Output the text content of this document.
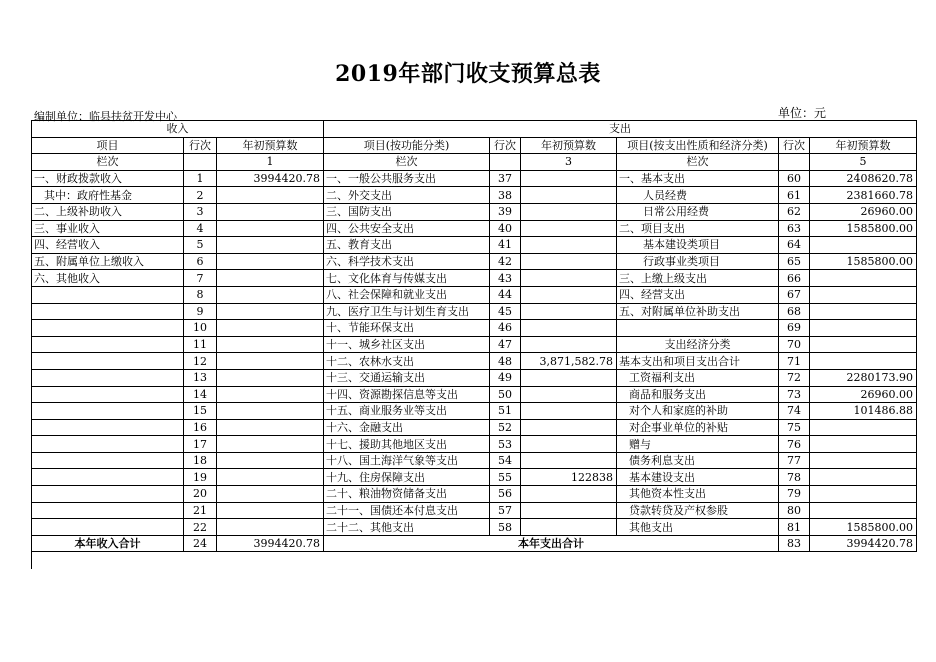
2019年部门收支预算总表
编制单位：临县扶贫开发中心	单位：元
收入			支出					
项目	行次	年初预算数	项目(按功能分类)	行次	年初预算数	项目(按支出性质和经济分类)	行次	年初预算数
栏次		1	栏次		3	栏次		5
一、财政拨款收入	1	3994420.78	一、一般公共服务支出	37		一、基本支出	60	2408620.78
其中：政府性基金	2		二、外交支出	38		人员经费	61	2381660.78
二、上级补助收入	3		三、国防支出	39		日常公用经费	62	26960.00
三、事业收入	4		四、公共安全支出	40		二、项目支出	63	1585800.00
四、经营收入	5		五、教育支出	41		基本建设类项目	64	
五、附属单位上缴收入	6		六、科学技术支出	42		行政事业类项目	65	1585800.00
六、其他收入	7		七、文化体育与传媒支出	43		三、上缴上级支出	66	
	8		八、社会保障和就业支出	44		四、经营支出	67	
	9		九、医疗卫生与计划生育支出	45		五、对附属单位补助支出	68	
	10		十、节能环保支出	46			69	
	11		十一、城乡社区支出	47		支出经济分类	70	
	12		十二、农林水支出	48	3,871,582.78	基本支出和项目支出合计	71	
	13		十三、交通运输支出	49		工资福利支出	72	2280173.90
	14		十四、资源勘探信息等支出	50		商品和服务支出	73	26960.00
	15		十五、商业服务业等支出	51		对个人和家庭的补助	74	101486.88
	16		十六、金融支出	52		对企事业单位的补贴	75	
	17		十七、援助其他地区支出	53		赠与	76	
	18		十八、国土海洋气象等支出	54		债务利息支出	77	
	19		十九、住房保障支出	55	122838	基本建设支出	78	
	20		二十、粮油物资储备支出	56		其他资本性支出	79	
	21		二十一、国债还本付息支出	57		贷款转贷及产权参股	80	
	22		二十二、其他支出	58		其他支出	81	1585800.00
本年收入合计	24	3994420.78	本年支出合计				83	3994420.78
